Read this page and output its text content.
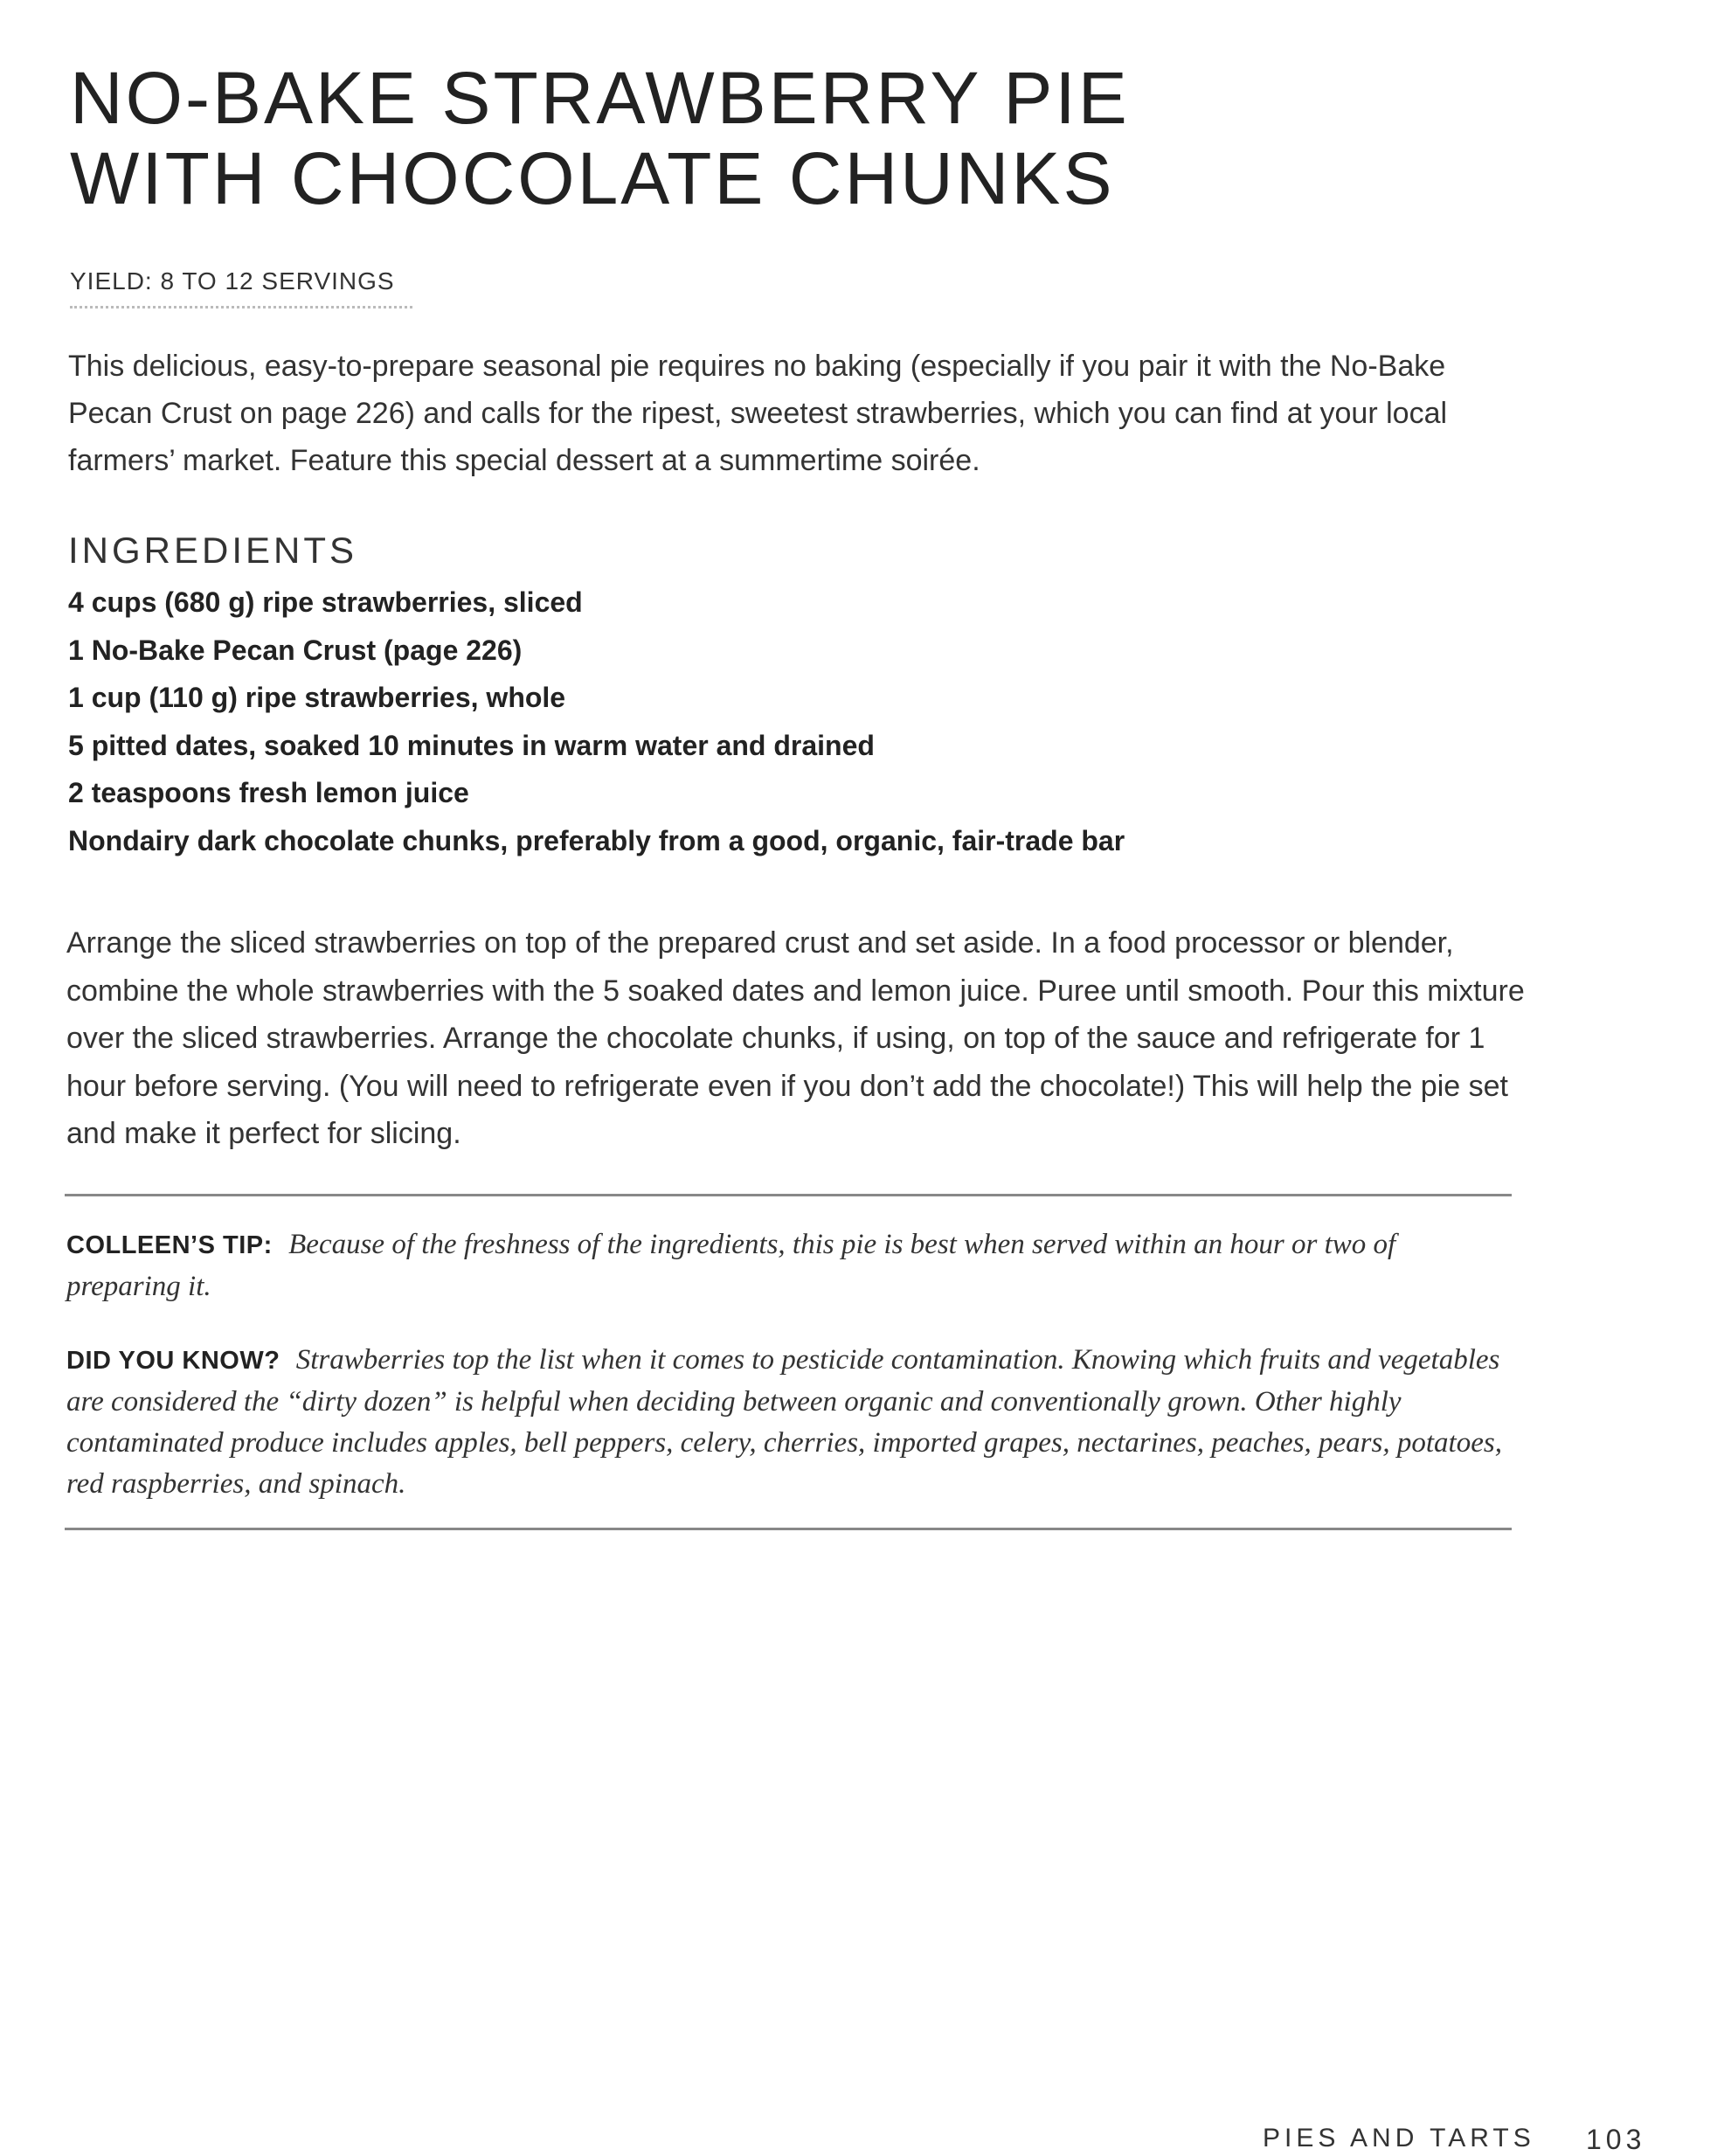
NO-BAKE STRAWBERRY PIE
WITH CHOCOLATE CHUNKS
YIELD: 8 TO 12 SERVINGS

This delicious, easy-to-prepare seasonal pie requires no baking (especially if you pair it with the No-Bake Pecan Crust on page 226) and calls for the ripest, sweetest strawberries, which you can find at your local farmers’ market. Feature this special dessert at a summertime soirée.

INGREDIENTS
4 cups (680 g) ripe strawberries, sliced
1 No-Bake Pecan Crust (page 226)
1 cup (110 g) ripe strawberries, whole
5 pitted dates, soaked 10 minutes in warm water and drained
2 teaspoons fresh lemon juice
Nondairy dark chocolate chunks, preferably from a good, organic, fair-trade bar

Arrange the sliced strawberries on top of the prepared crust and set aside. In a food processor or blender, combine the whole strawberries with the 5 soaked dates and lemon juice. Puree until smooth. Pour this mixture over the sliced strawberries. Arrange the chocolate chunks, if using, on top of the sauce and refrigerate for 1 hour before serving. (You will need to refrigerate even if you don’t add the chocolate!) This will help the pie set and make it perfect for slicing.

COLLEEN’S TIP: Because of the freshness of the ingredients, this pie is best when served within an hour or two of preparing it.

DID YOU KNOW? Strawberries top the list when it comes to pesticide contamination. Knowing which fruits and vegetables are considered the “dirty dozen” is helpful when deciding between organic and conventionally grown. Other highly contaminated produce includes apples, bell peppers, celery, cherries, imported grapes, nectarines, peaches, pears, potatoes, red raspberries, and spinach.

PIES AND TARTS 103
